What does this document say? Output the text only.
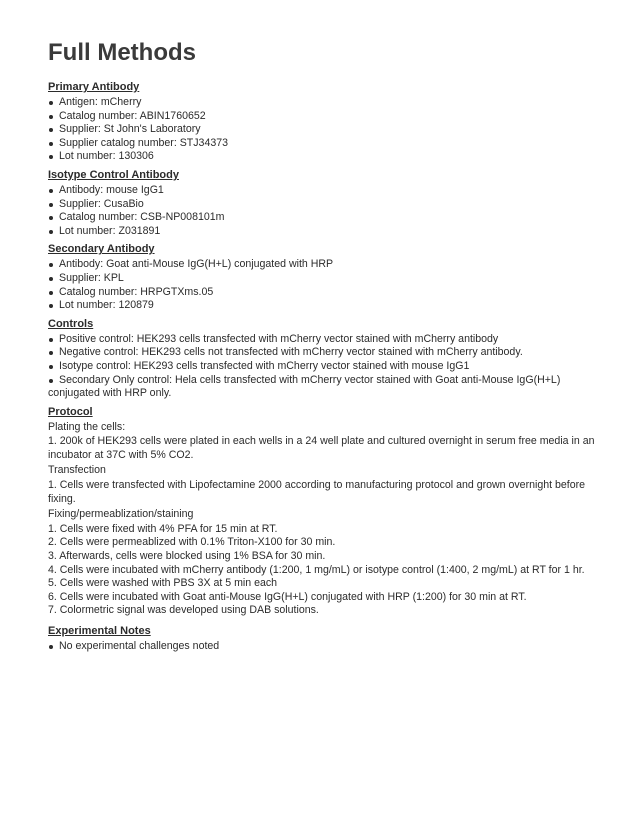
Full Methods
Primary Antibody
Antigen: mCherry
Catalog number: ABIN1760652
Supplier: St John's Laboratory
Supplier catalog number: STJ34373
Lot number: 130306
Isotype Control Antibody
Antibody: mouse IgG1
Supplier: CusaBio
Catalog number: CSB-NP008101m
Lot number: Z031891
Secondary Antibody
Antibody: Goat anti-Mouse IgG(H+L) conjugated with HRP
Supplier: KPL
Catalog number: HRPGTXms.05
Lot number: 120879
Controls
Positive control: HEK293 cells transfected with mCherry vector stained with mCherry antibody
Negative control: HEK293 cells not transfected with mCherry vector stained with mCherry antibody.
Isotype control: HEK293 cells transfected with mCherry vector stained with mouse IgG1
Secondary Only control: Hela cells transfected with mCherry vector stained with Goat anti-Mouse IgG(H+L)

conjugated with HRP only.

Protocol

Plating the cells:

1. 200k of HEK293 cells were plated in each wells in a 24 well plate and cultured overnight in serum free media in an incubator at 37C with 5% CO2.

Transfection

1. Cells were transfected with Lipofectamine 2000 according to manufacturing protocol and grown overnight before fixing.

Fixing/permeablization/staining

1. Cells were fixed with 4% PFA for 15 min at RT.

2. Cells were permeablized with 0.1% Triton-X100 for 30 min.

3. Afterwards, cells were blocked using 1% BSA for 30 min.

4. Cells were incubated with mCherry antibody (1:200, 1 mg/mL) or isotype control (1:400, 2 mg/mL) at RT for 1 hr.

5. Cells were washed with PBS 3X at 5 min each

6. Cells were incubated with Goat anti-Mouse IgG(H+L) conjugated with HRP (1:200) for 30 min at RT.

7. Colormetric signal was developed using DAB solutions.

Experimental Notes
No experimental challenges noted
